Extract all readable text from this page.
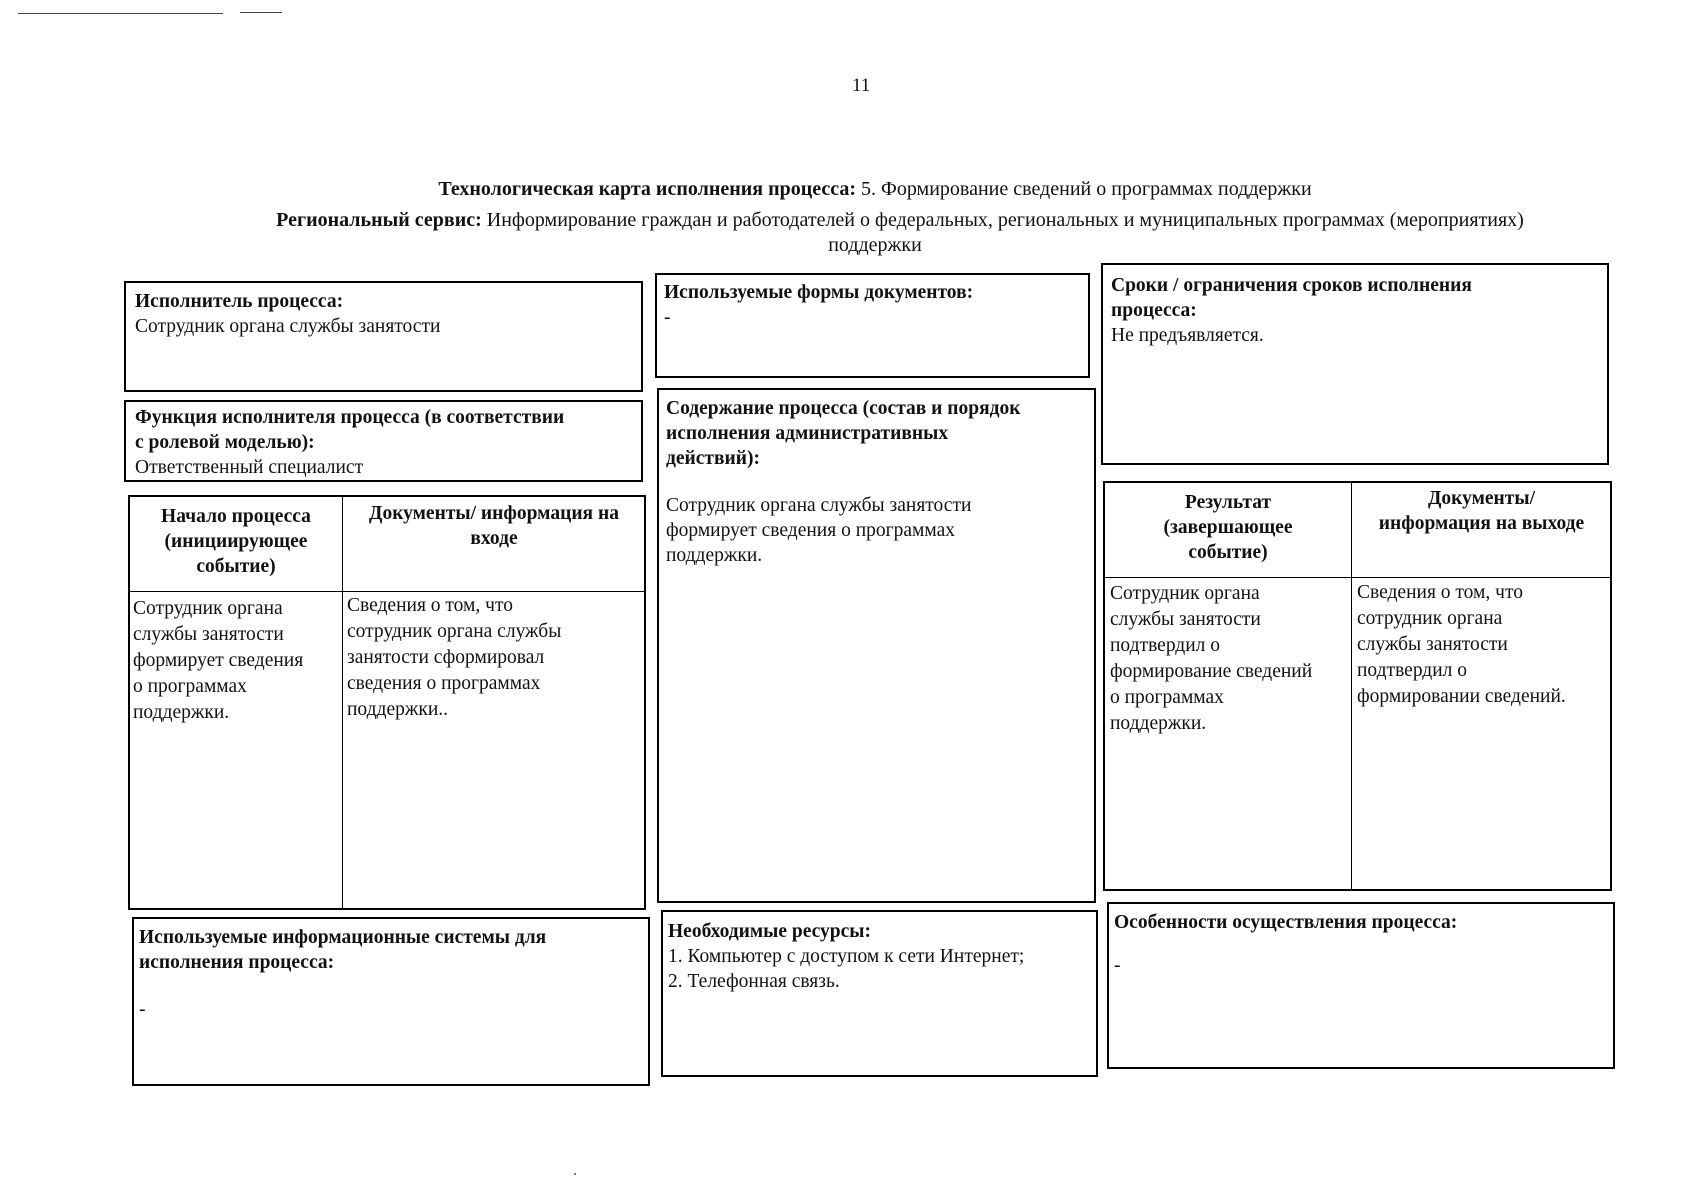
11
Технологическая карта исполнения процесса: 5. Формирование сведений о программах поддержки
Региональный сервис: Информирование граждан и работодателей о федеральных, региональных и муниципальных программах (мероприятиях)
поддержки
Исполнитель процесса:
Сотрудник органа службы занятости
Используемые формы документов:
-
Сроки / ограничения сроков исполнения
процесса:
Не предъявляется.
Функция исполнителя процесса (в соответствии
с ролевой моделью):
Ответственный специалист
Содержание процесса (состав и порядок
исполнения административных
действий):
Сотрудник органа службы занятости
формирует сведения о программах
поддержки.
Начало процесса
(инициирующее
событие)
Документы/ информация на
входе
Сотрудник органа
службы занятости
формирует сведения
о программах
поддержки.
Сведения о том, что
сотрудник органа службы
занятости сформировал
сведения о программах
поддержки..
Результат
(завершающее
событие)
Документы/
информация на выходе
Сотрудник органа
службы занятости
подтвердил о
формирование сведений
о программах
поддержки.
Сведения о том, что
сотрудник органа
службы занятости
подтвердил о
формировании сведений.
Используемые информационные системы для
исполнения процесса:
-
Необходимые ресурсы:
1. Компьютер с доступом к сети Интернет;
2. Телефонная связь.
Особенности осуществления процесса:
-
